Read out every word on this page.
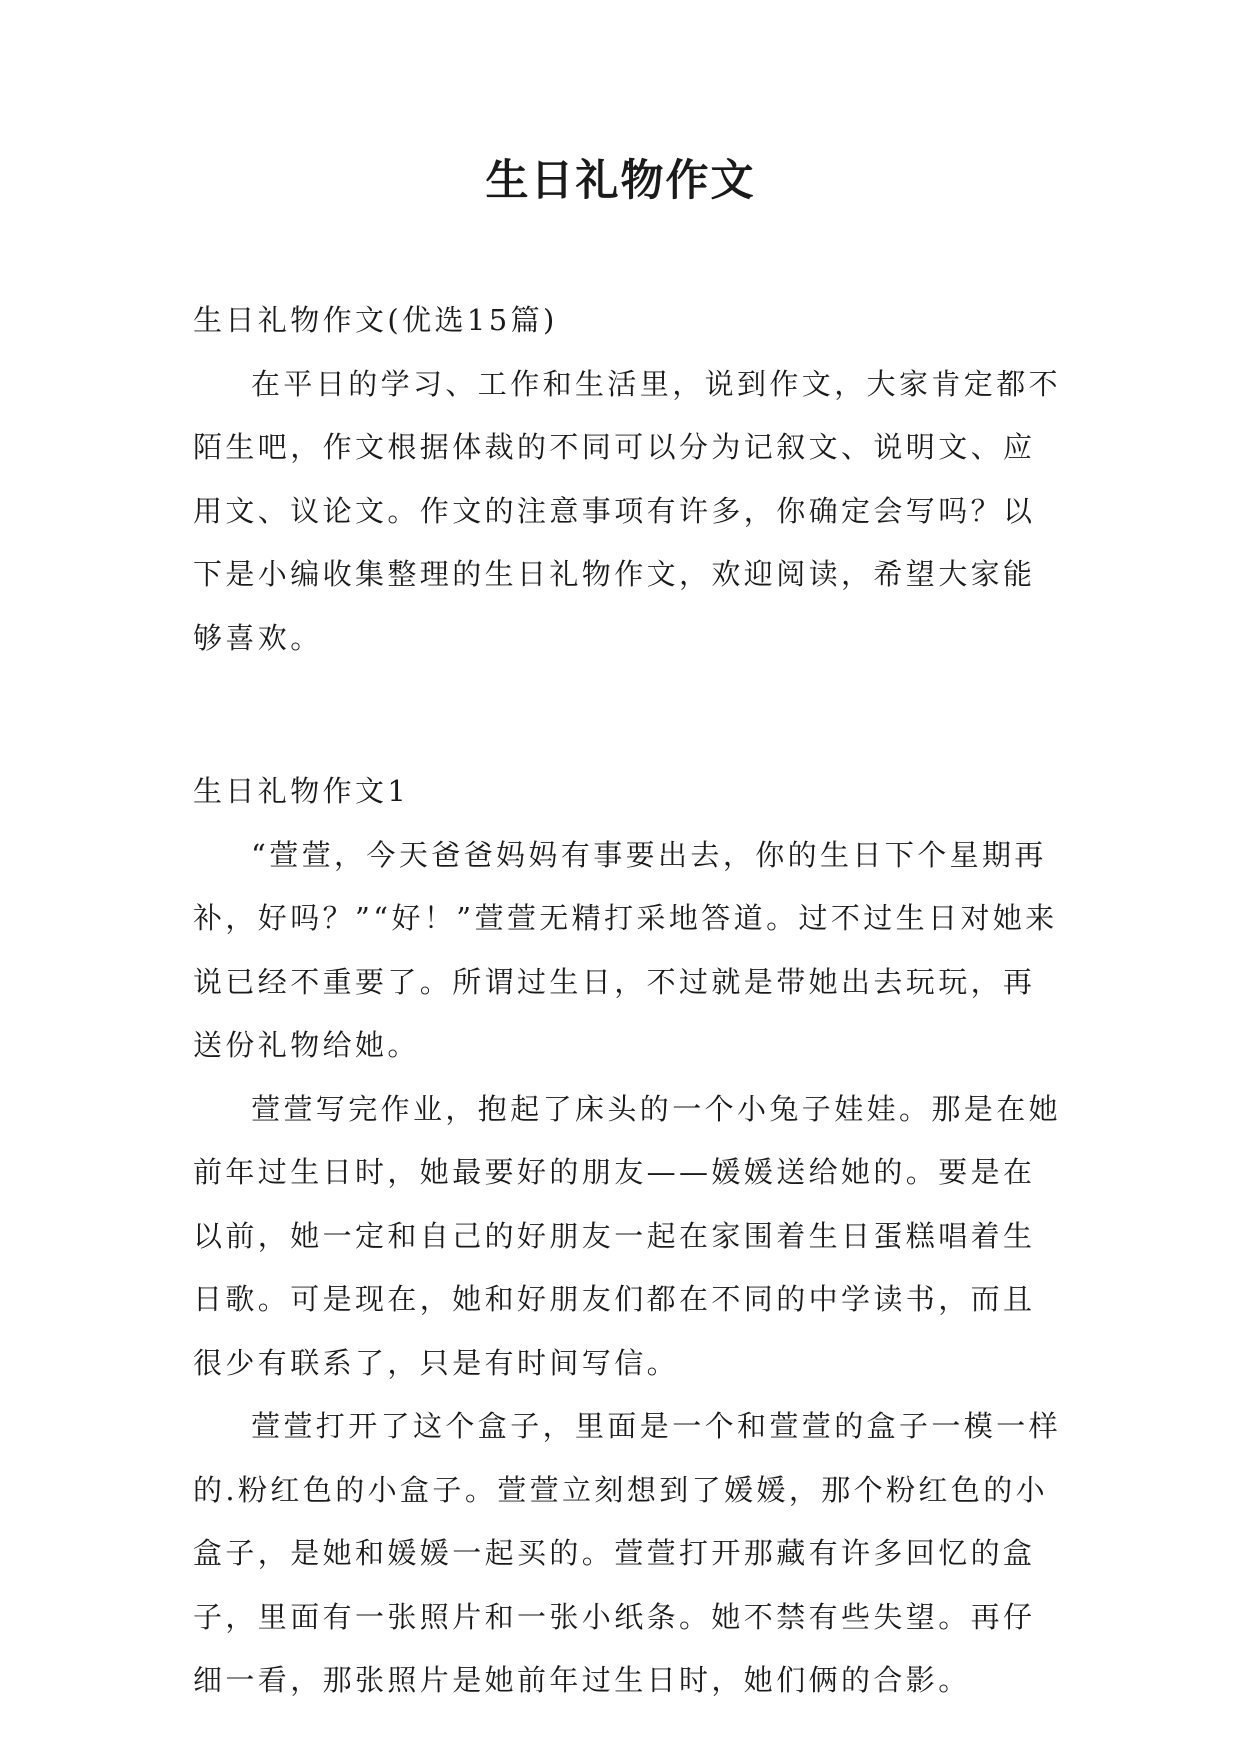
生日礼物作文

生日礼物作文(优选15篇)

在平日的学习、工作和生活里，说到作文，大家肯定都不陌生吧，作文根据体裁的不同可以分为记叙文、说明文、应用文、议论文。作文的注意事项有许多，你确定会写吗？以下是小编收集整理的生日礼物作文，欢迎阅读，希望大家能够喜欢。

生日礼物作文1

“萱萱，今天爸爸妈妈有事要出去，你的生日下个星期再补，好吗？”“好！”萱萱无精打采地答道。过不过生日对她来说已经不重要了。所谓过生日，不过就是带她出去玩玩，再送份礼物给她。

萱萱写完作业，抱起了床头的一个小兔子娃娃。那是在她前年过生日时，她最要好的朋友——媛媛送给她的。要是在以前，她一定和自己的好朋友一起在家围着生日蛋糕唱着生日歌。可是现在，她和好朋友们都在不同的中学读书，而且很少有联系了，只是有时间写信。

萱萱打开了这个盒子，里面是一个和萱萱的盒子一模一样的.粉红色的小盒子。萱萱立刻想到了媛媛，那个粉红色的小盒子，是她和媛媛一起买的。萱萱打开那藏有许多回忆的盒子，里面有一张照片和一张小纸条。她不禁有些失望。再仔细一看，那张照片是她前年过生日时，她们俩的合影。
